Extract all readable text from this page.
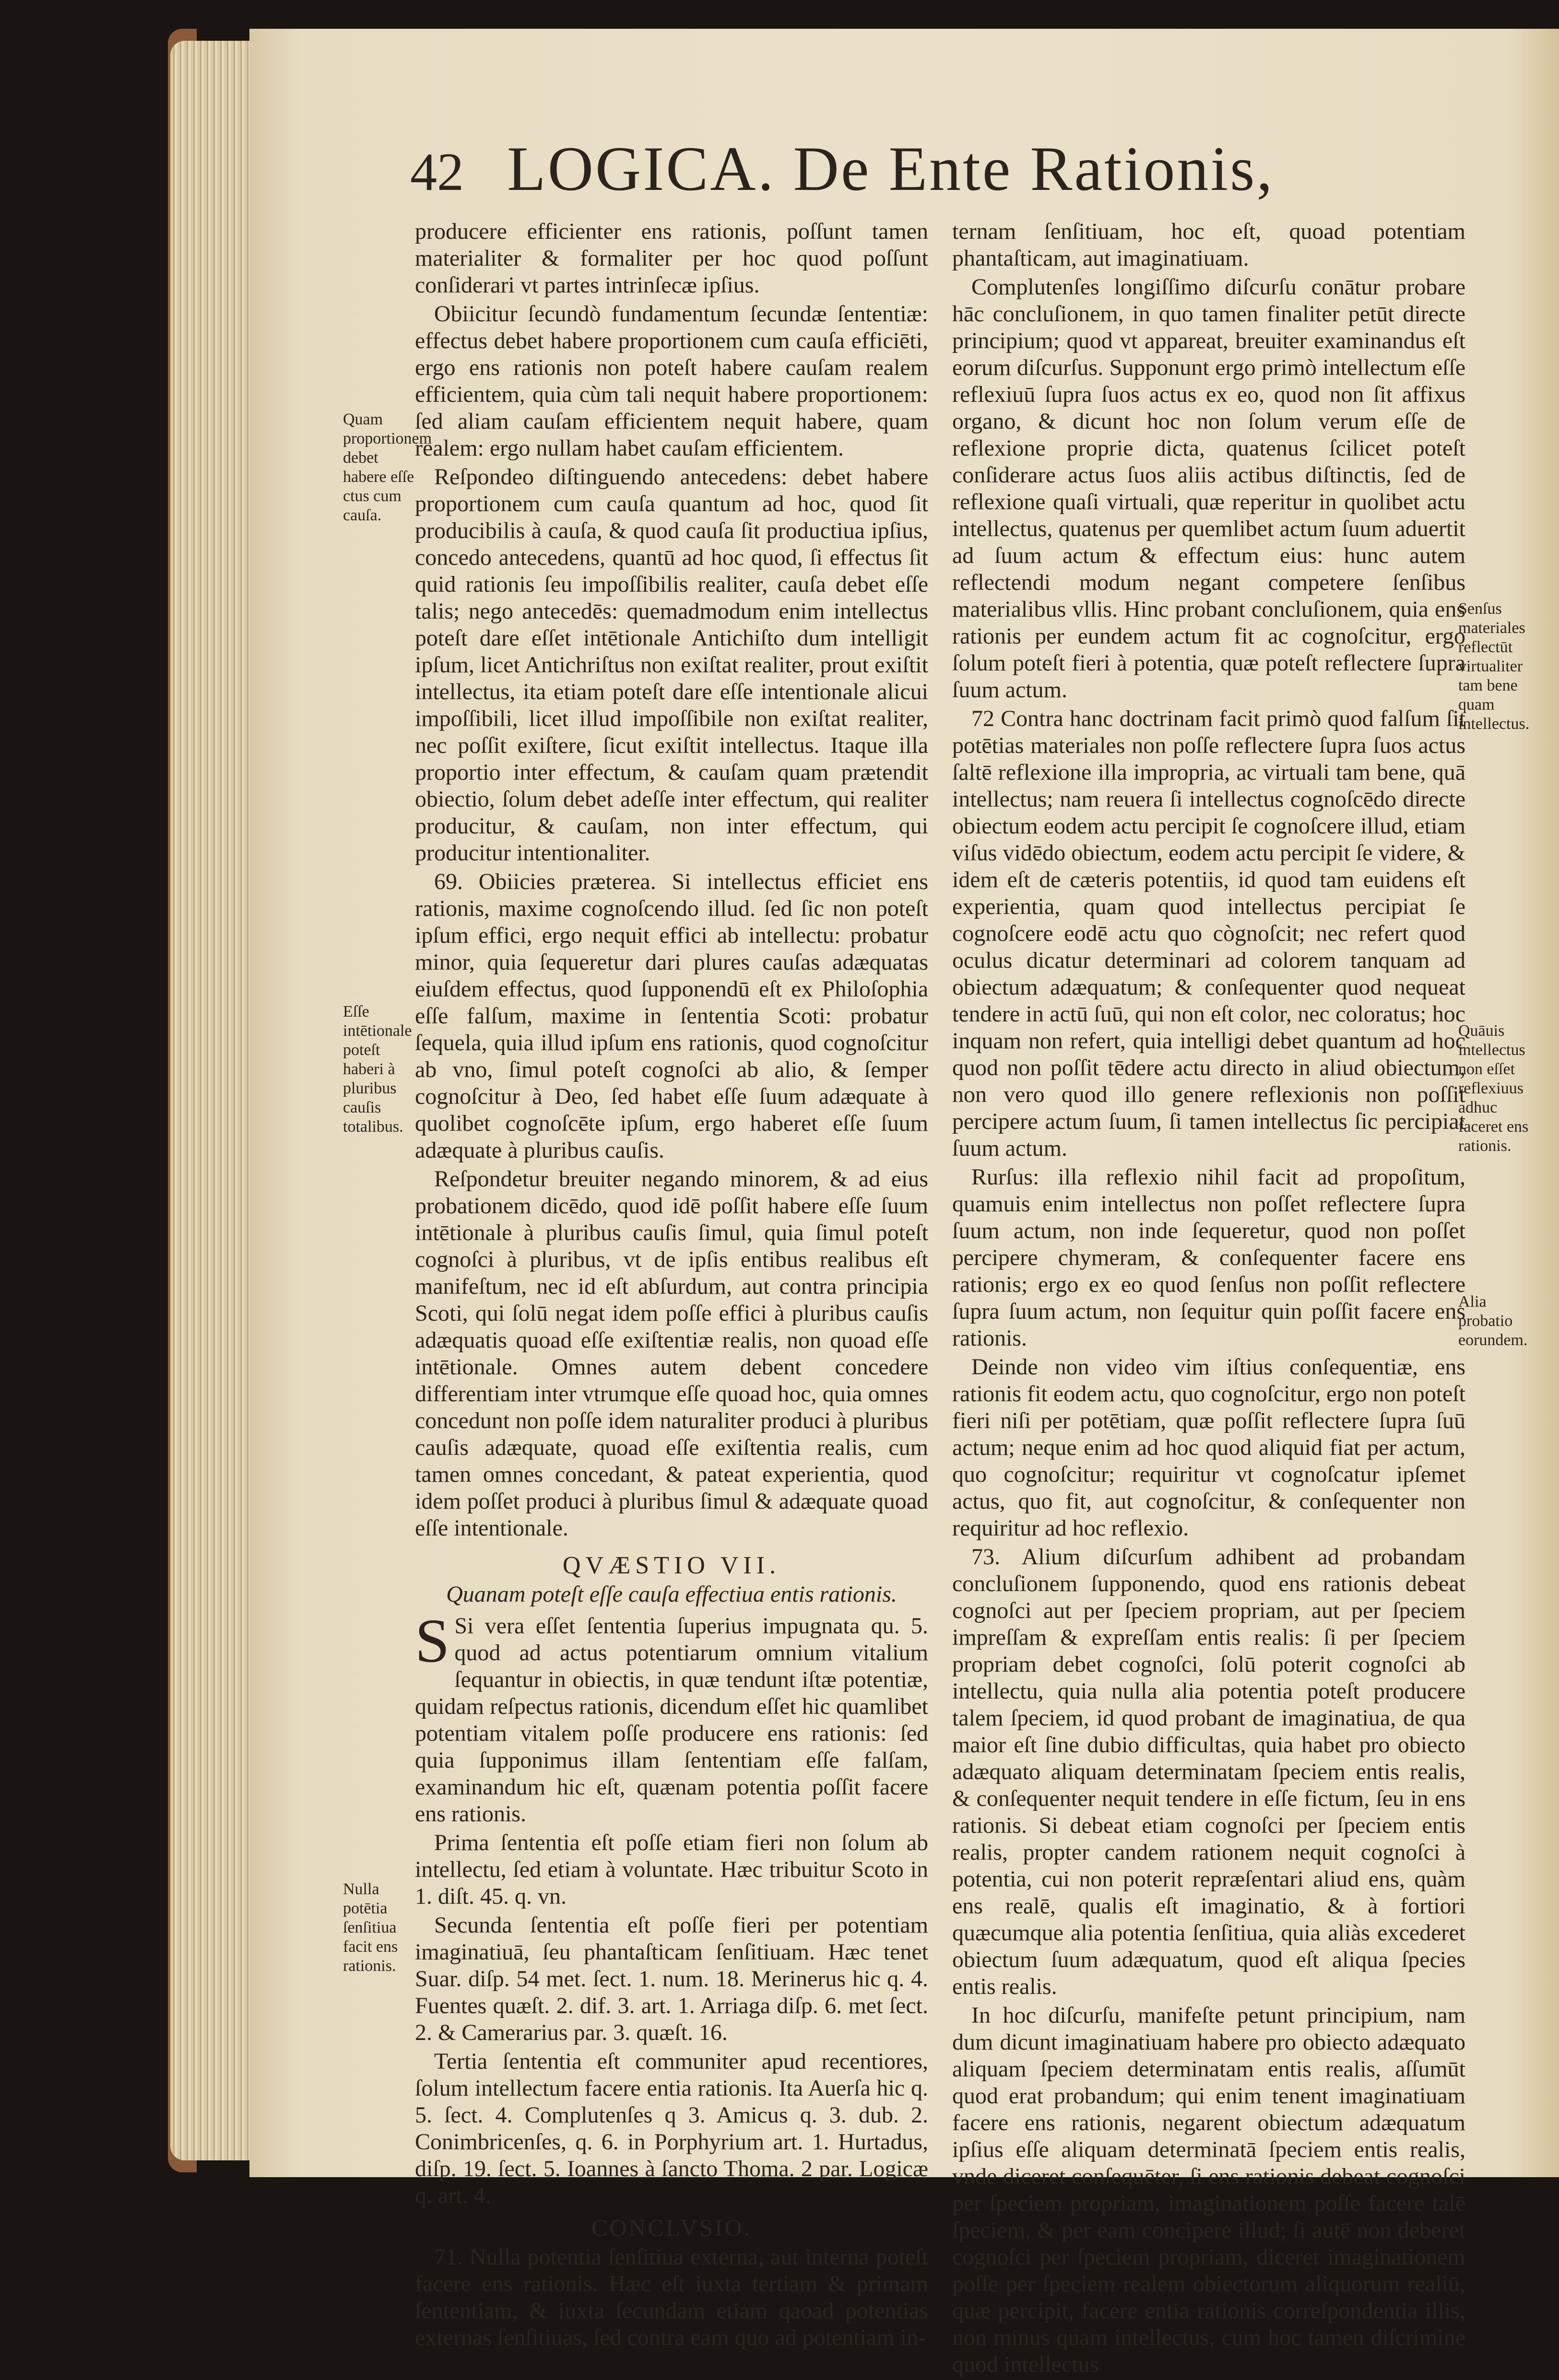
42 LOGICA. De Ente Rationis,
Quam proportionem debet habere eſſe ctus cum cauſa.
Eſſe intētionale poteſt haberi à pluribus cauſis totalibus.
Nulla potētia ſenſitiua facit ens rationis.
Senſus materiales reflectūt virtualiter tam bene quam intellectus.
Quāuis intellectus non eſſet reflexiuus adhuc faceret ens rationis.
Alia probatio eorundem.

producere efficienter ens rationis, poſſunt tamen materialiter & formaliter per hoc quod poſſunt conſiderari vt partes intrinſecæ ipſius.

Obiicitur ſecundò fundamentum ſecundæ ſententiæ: effectus debet habere proportionem cum cauſa efficiēti, ergo ens rationis non poteſt habere cauſam realem efficientem, quia cùm tali nequit habere proportionem: ſed aliam cauſam efficientem nequit habere, quam realem: ergo nullam habet cauſam efficientem.

Reſpondeo diſtinguendo antecedens: debet habere proportionem cum cauſa quantum ad hoc, quod ſit producibilis à cauſa, & quod cauſa ſit productiua ipſius, concedo antecedens, quantū ad hoc quod, ſi effectus ſit quid rationis ſeu impoſſibilis realiter, cauſa debet eſſe talis; nego antecedēs: quemadmodum enim intellectus poteſt dare eſſet intētionale Antichiſto dum intelligit ipſum, licet Antichriſtus non exiſtat realiter, prout exiſtit intellectus, ita etiam poteſt dare eſſe intentionale alicui impoſſibili, licet illud impoſſibile non exiſtat realiter, nec poſſit exiſtere, ſicut exiſtit intellectus. Itaque illa proportio inter effectum, & cauſam quam prætendit obiectio, ſolum debet adeſſe inter effectum, qui realiter producitur, & cauſam, non inter effectum, qui producitur intentionaliter.

69. Obiicies præterea. Si intellectus efficiet ens rationis, maxime cognoſcendo illud. ſed ſic non poteſt ipſum effici, ergo nequit effici ab intellectu: probatur minor, quia ſequeretur dari plures cauſas adæquatas eiuſdem effectus, quod ſupponendū eſt ex Philoſophia eſſe falſum, maxime in ſententia Scoti: probatur ſequela, quia illud ipſum ens rationis, quod cognoſcitur ab vno, ſimul poteſt cognoſci ab alio, & ſemper cognoſcitur à Deo, ſed habet eſſe ſuum adæquate à quolibet cognoſcēte ipſum, ergo haberet eſſe ſuum adæquate à pluribus cauſis.

Reſpondetur breuiter negando minorem, & ad eius probationem dicēdo, quod idē poſſit habere eſſe ſuum intētionale à pluribus cauſis ſimul, quia ſimul poteſt cognoſci à pluribus, vt de ipſis entibus realibus eſt manifeſtum, nec id eſt abſurdum, aut contra principia Scoti, qui ſolū negat idem poſſe effici à pluribus cauſis adæquatis quoad eſſe exiſtentiæ realis, non quoad eſſe intētionale. Omnes autem debent concedere differentiam inter vtrumque eſſe quoad hoc, quia omnes concedunt non poſſe idem naturaliter produci à pluribus cauſis adæquate, quoad eſſe exiſtentia realis, cum tamen omnes concedant, & pateat experientia, quod idem poſſet produci à pluribus ſimul & adæquate quoad eſſe intentionale.

QVÆSTIO VII.
Quanam poteſt eſſe cauſa effectiua entis rationis.

S Si vera eſſet ſententia ſuperius impugnata qu. 5. quod ad actus potentiarum omnium vitalium ſequantur in obiectis, in quæ tendunt iſtæ potentiæ, quidam reſpectus rationis, dicendum eſſet hic quamlibet potentiam vitalem poſſe producere ens rationis: ſed quia ſupponimus illam ſententiam eſſe falſam, examinandum hic eſt, quænam potentia poſſit facere ens rationis.

Prima ſententia eſt poſſe etiam fieri non ſolum ab intellectu, ſed etiam à voluntate. Hæc tribuitur Scoto in 1. diſt. 45. q. vn.

Secunda ſententia eſt poſſe fieri per potentiam imaginatiuā, ſeu phantaſticam ſenſitiuam. Hæc tenet Suar. diſp. 54 met. ſect. 1. num. 18. Merinerus hic q. 4. Fuentes quæſt. 2. dif. 3. art. 1. Arriaga diſp. 6. met ſect. 2. & Camerarius par. 3. quæſt. 16.

Tertia ſententia eſt communiter apud recentiores, ſolum intellectum facere entia rationis. Ita Auerſa hic q. 5. ſect. 4. Complutenſes q 3. Amicus q. 3. dub. 2. Conimbricenſes, q. 6. in Porphyrium art. 1. Hurtadus, diſp. 19. ſect. 5. Ioannes à ſancto Thoma. 2 par. Logicæ q. art. 4.

CONCLVSIO.

71. Nulla potentia ſenſitiua externa, aut interna poteſt facere ens rationis. Hæc eſt iuxta tertiam & primam ſententiam, & iuxta ſecundam etiam qaoad potentias externas ſenſitiuas, ſed contra eam quo ad potentiam in-

ternam ſenſitiuam, hoc eſt, quoad potentiam phantaſticam, aut imaginatiuam.

Complutenſes longiſſimo diſcurſu conātur probare hāc concluſionem, in quo tamen finaliter petūt directe principium; quod vt appareat, breuiter examinandus eſt eorum diſcurſus. Supponunt ergo primò intellectum eſſe reflexiuū ſupra ſuos actus ex eo, quod non ſit affixus organo, & dicunt hoc non ſolum verum eſſe de reflexione proprie dicta, quatenus ſcilicet poteſt conſiderare actus ſuos aliis actibus diſtinctis, ſed de reflexione quaſi virtuali, quæ reperitur in quolibet actu intellectus, quatenus per quemlibet actum ſuum aduertit ad ſuum actum & effectum eius: hunc autem reflectendi modum negant competere ſenſibus materialibus vllis. Hinc probant concluſionem, quia ens rationis per eundem actum fit ac cognoſcitur, ergo ſolum poteſt fieri à potentia, quæ poteſt reflectere ſupra ſuum actum.

72 Contra hanc doctrinam facit primò quod falſum ſit potētias materiales non poſſe reflectere ſupra ſuos actus ſaltē reflexione illa impropria, ac virtuali tam bene, quā intellectus; nam reuera ſi intellectus cognoſcēdo directe obiectum eodem actu percipit ſe cognoſcere illud, etiam viſus vidēdo obiectum, eodem actu percipit ſe videre, & idem eſt de cæteris potentiis, id quod tam euidens eſt experientia, quam quod intellectus percipiat ſe cognoſcere eodē actu quo cògnoſcit; nec refert quod oculus dicatur determinari ad colorem tanquam ad obiectum adæquatum; & conſequenter quod nequeat tendere in actū ſuū, qui non eſt color, nec coloratus; hoc inquam non refert, quia intelligi debet quantum ad hoc quod non poſſit tēdere actu directo in aliud obiectum, non vero quod illo genere reflexionis non poſſit percipere actum ſuum, ſi tamen intellectus ſic percipiat ſuum actum.

Rurſus: illa reflexio nihil facit ad propoſitum, quamuis enim intellectus non poſſet reflectere ſupra ſuum actum, non inde ſequeretur, quod non poſſet percipere chymeram, & conſequenter facere ens rationis; ergo ex eo quod ſenſus non poſſit reflectere ſupra ſuum actum, non ſequitur quin poſſit facere ens rationis.

Deinde non video vim iſtius conſequentiæ, ens rationis fit eodem actu, quo cognoſcitur, ergo non poteſt fieri niſi per potētiam, quæ poſſit reflectere ſupra ſuū actum; neque enim ad hoc quod aliquid fiat per actum, quo cognoſcitur; requiritur vt cognoſcatur ipſemet actus, quo fit, aut cognoſcitur, & conſequenter non requiritur ad hoc reflexio.

73. Alium diſcurſum adhibent ad probandam concluſionem ſupponendo, quod ens rationis debeat cognoſci aut per ſpeciem propriam, aut per ſpeciem impreſſam & expreſſam entis realis: ſi per ſpeciem propriam debet cognoſci, ſolū poterit cognoſci ab intellectu, quia nulla alia potentia poteſt producere talem ſpeciem, id quod probant de imaginatiua, de qua maior eſt ſine dubio difficultas, quia habet pro obiecto adæquato aliquam determinatam ſpeciem entis realis, & conſequenter nequit tendere in eſſe fictum, ſeu in ens rationis. Si debeat etiam cognoſci per ſpeciem entis realis, propter candem rationem nequit cognoſci à potentia, cui non poterit repræſentari aliud ens, quàm ens realē, qualis eſt imaginatio, & à fortiori quæcumque alia potentia ſenſitiua, quia aliàs excederet obiectum ſuum adæquatum, quod eſt aliqua ſpecies entis realis.

In hoc diſcurſu, manifeſte petunt principium, nam dum dicunt imaginatiuam habere pro obiecto adæquato aliquam ſpeciem determinatam entis realis, aſſumūt quod erat probandum; qui enim tenent imaginatiuam facere ens rationis, negarent obiectum adæquatum ipſius eſſe aliquam determinatā ſpeciem entis realis, vnde diceret conſequēter, ſi ens rationis debeat cognoſci per ſpeciem propriam, imaginationem poſſe facere talē ſpeciem, & per eam concipere illud; ſi autē non deberet cognoſci per ſpeciem propriam, diceret imaginationem poſſe per ſpeciem realem obiectorum aliquorum realiū, quæ percipit, facere entia rationis correſpondentia illis, non minus quam intellectus, cum hoc tamen diſcrimine quod intellectus
